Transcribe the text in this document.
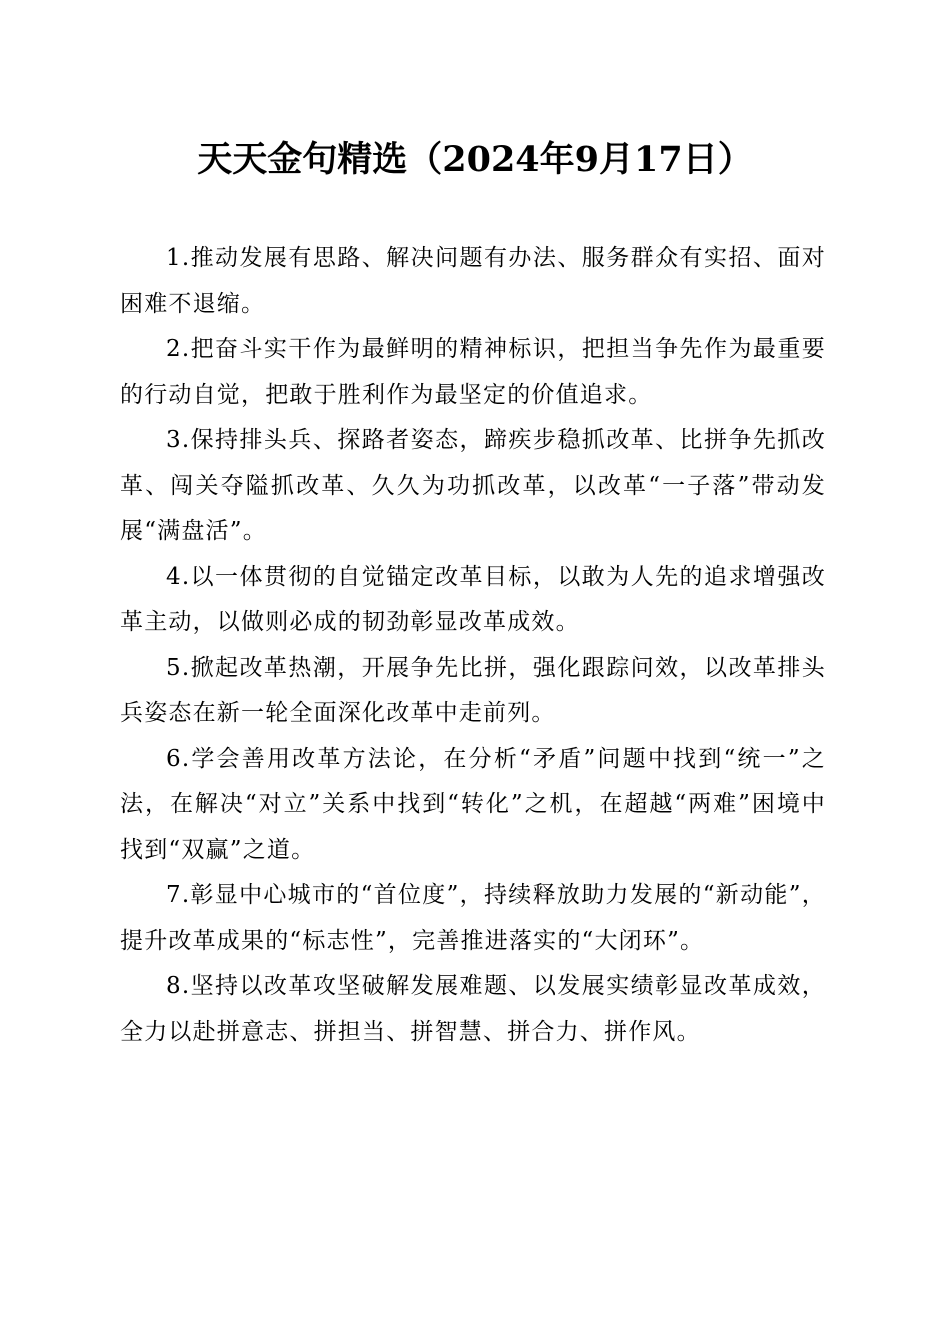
天天金句精选（2024年9月17日）

1.推动发展有思路、解决问题有办法、服务群众有实招、面对困难不退缩。

2.把奋斗实干作为最鲜明的精神标识，把担当争先作为最重要的行动自觉，把敢于胜利作为最坚定的价值追求。

3.保持排头兵、探路者姿态，蹄疾步稳抓改革、比拼争先抓改革、闯关夺隘抓改革、久久为功抓改革，以改革“一子落”带动发展“满盘活”。

4.以一体贯彻的自觉锚定改革目标，以敢为人先的追求增强改革主动，以做则必成的韧劲彰显改革成效。

5.掀起改革热潮，开展争先比拼，强化跟踪问效，以改革排头兵姿态在新一轮全面深化改革中走前列。

6.学会善用改革方法论，在分析“矛盾”问题中找到“统一”之法，在解决“对立”关系中找到“转化”之机，在超越“两难”困境中找到“双赢”之道。

7.彰显中心城市的“首位度”，持续释放助力发展的“新动能”，提升改革成果的“标志性”，完善推进落实的“大闭环”。

8.坚持以改革攻坚破解发展难题、以发展实绩彰显改革成效，全力以赴拼意志、拼担当、拼智慧、拼合力、拼作风。
